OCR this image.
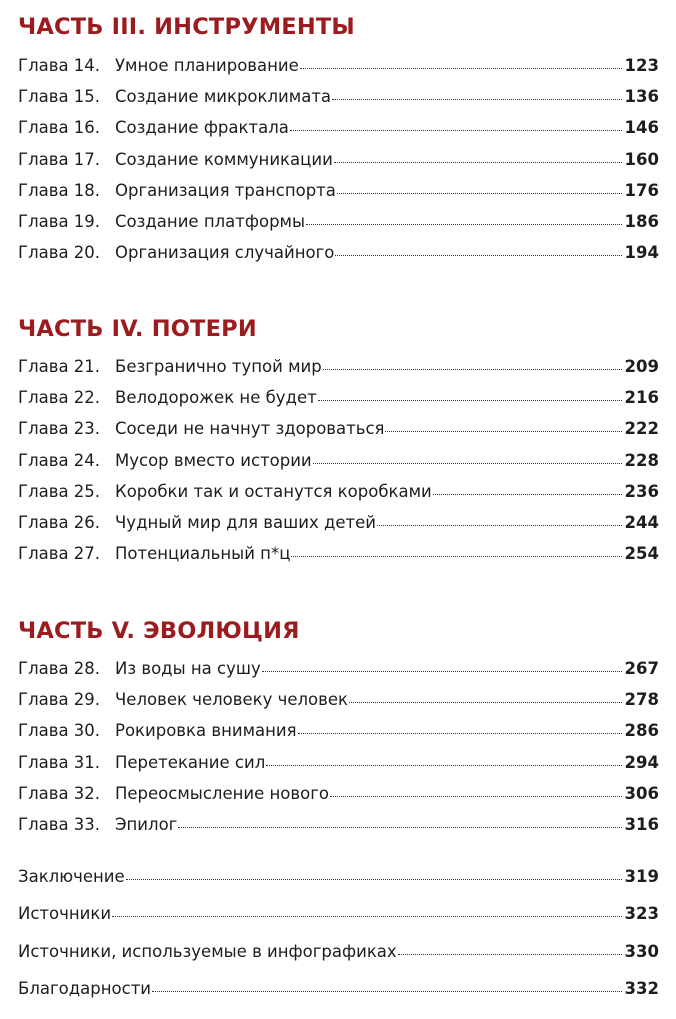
ЧАСТЬ III. ИНСТРУМЕНТЫ
Глава 14. Умное планирование	123
Глава 15. Создание микроклимата	136
Глава 16. Создание фрактала	146
Глава 17. Создание коммуникации	160
Глава 18. Организация транспорта	176
Глава 19. Создание платформы	186
Глава 20. Организация случайного	194
ЧАСТЬ IV. ПОТЕРИ
Глава 21. Безгранично тупой мир	209
Глава 22. Велодорожек не будет	216
Глава 23. Соседи не начнут здороваться	222
Глава 24. Мусор вместо истории	228
Глава 25. Коробки так и останутся коробками	236
Глава 26. Чудный мир для ваших детей	244
Глава 27. Потенциальный п*ц	254
ЧАСТЬ V. ЭВОЛЮЦИЯ
Глава 28. Из воды на сушу	267
Глава 29. Человек человеку человек	278
Глава 30. Рокировка внимания	286
Глава 31. Перетекание сил	294
Глава 32. Переосмысление нового	306
Глава 33. Эпилог	316
Заключение	319
Источники	323
Источники, используемые в инфографиках	330
Благодарности	332
